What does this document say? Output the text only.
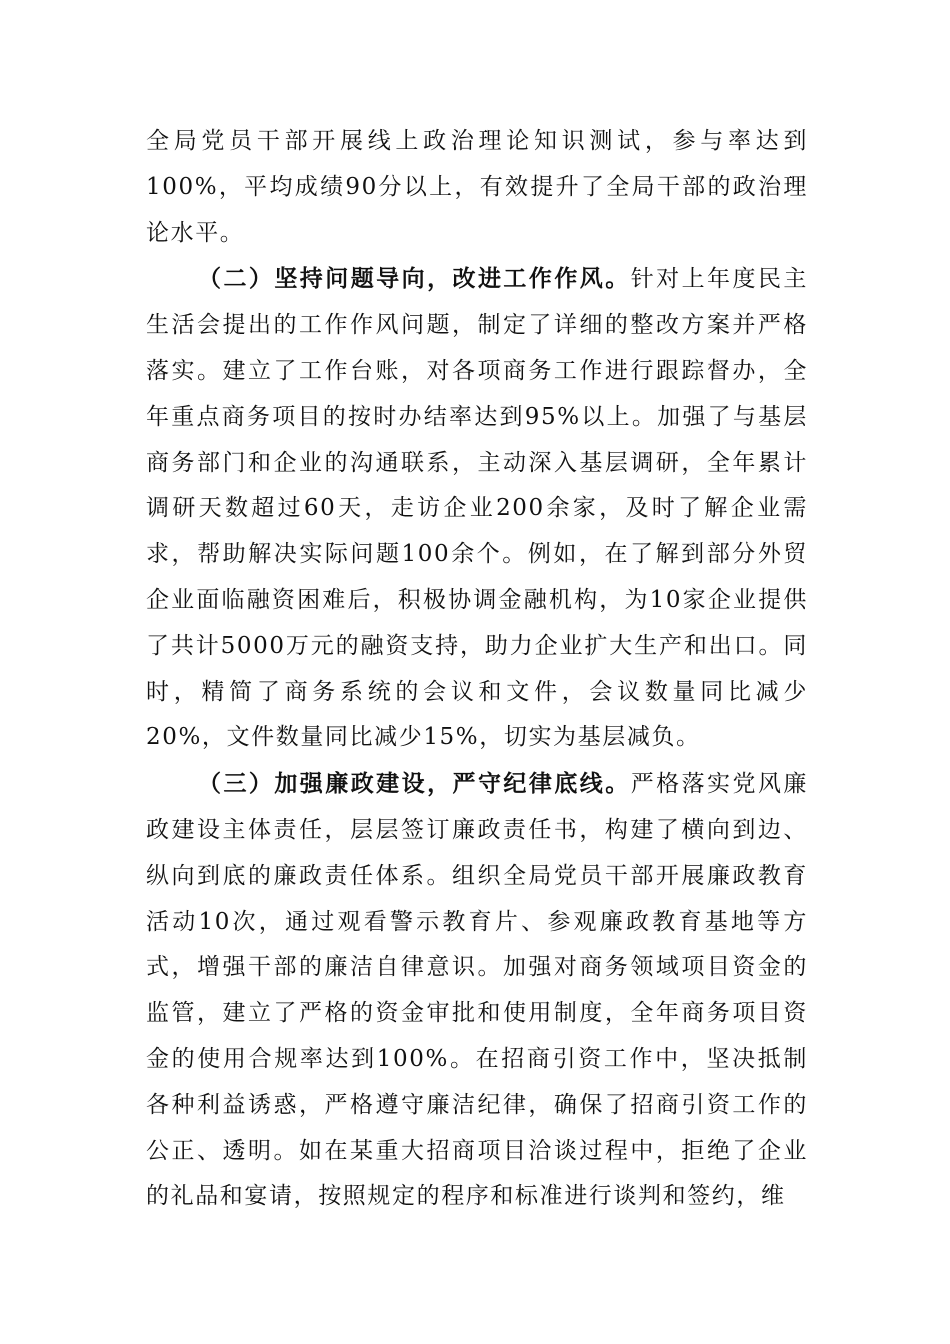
全局党员干部开展线上政治理论知识测试，参与率达到100%，平均成绩90分以上，有效提升了全局干部的政治理论水平。

（二）坚持问题导向，改进工作作风。针对上年度民主生活会提出的工作作风问题，制定了详细的整改方案并严格落实。建立了工作台账，对各项商务工作进行跟踪督办，全年重点商务项目的按时办结率达到95%以上。加强了与基层商务部门和企业的沟通联系，主动深入基层调研，全年累计调研天数超过60天，走访企业200余家，及时了解企业需求，帮助解决实际问题100余个。例如，在了解到部分外贸企业面临融资困难后，积极协调金融机构，为10家企业提供了共计5000万元的融资支持，助力企业扩大生产和出口。同时，精简了商务系统的会议和文件，会议数量同比减少20%，文件数量同比减少15%，切实为基层减负。

（三）加强廉政建设，严守纪律底线。严格落实党风廉政建设主体责任，层层签订廉政责任书，构建了横向到边、纵向到底的廉政责任体系。组织全局党员干部开展廉政教育活动10次，通过观看警示教育片、参观廉政教育基地等方式，增强干部的廉洁自律意识。加强对商务领域项目资金的监管，建立了严格的资金审批和使用制度，全年商务项目资金的使用合规率达到100%。在招商引资工作中，坚决抵制各种利益诱惑，严格遵守廉洁纪律，确保了招商引资工作的公正、透明。如在某重大招商项目洽谈过程中，拒绝了企业的礼品和宴请，按照规定的程序和标准进行谈判和签约，维
